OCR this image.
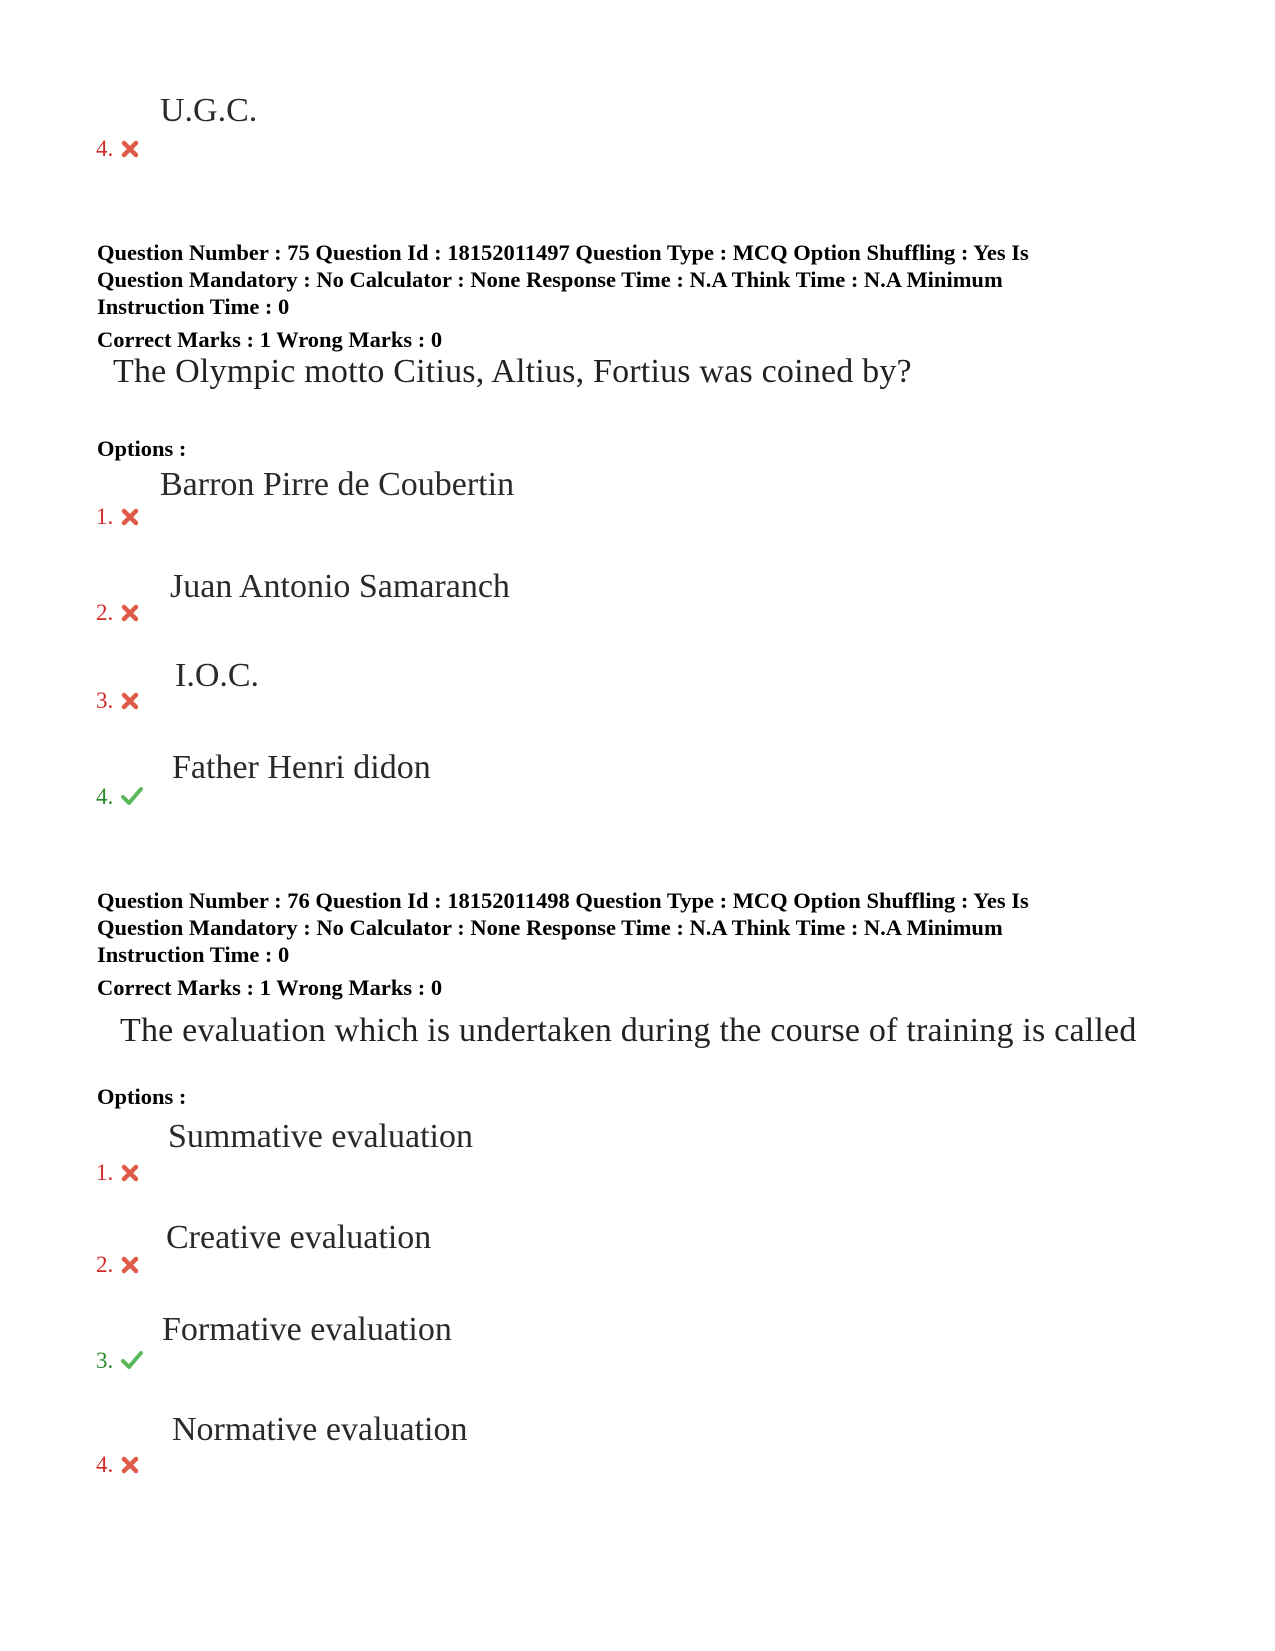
U.G.C.
4.
Question Number : 75 Question Id : 18152011497 Question Type : MCQ Option Shuffling : Yes Is
Question Mandatory : No Calculator : None Response Time : N.A Think Time : N.A Minimum
Instruction Time : 0
Correct Marks : 1 Wrong Marks : 0
The Olympic motto Citius, Altius, Fortius was coined by?
Options :
Barron Pirre de Coubertin
1.
Juan Antonio Samaranch
2.
I.O.C.
3.
Father Henri didon
4.
Question Number : 76 Question Id : 18152011498 Question Type : MCQ Option Shuffling : Yes Is
Question Mandatory : No Calculator : None Response Time : N.A Think Time : N.A Minimum
Instruction Time : 0
Correct Marks : 1 Wrong Marks : 0
The evaluation which is undertaken during the course of training is called
Options :
Summative evaluation
1.
Creative evaluation
2.
Formative evaluation
3.
Normative evaluation
4.
